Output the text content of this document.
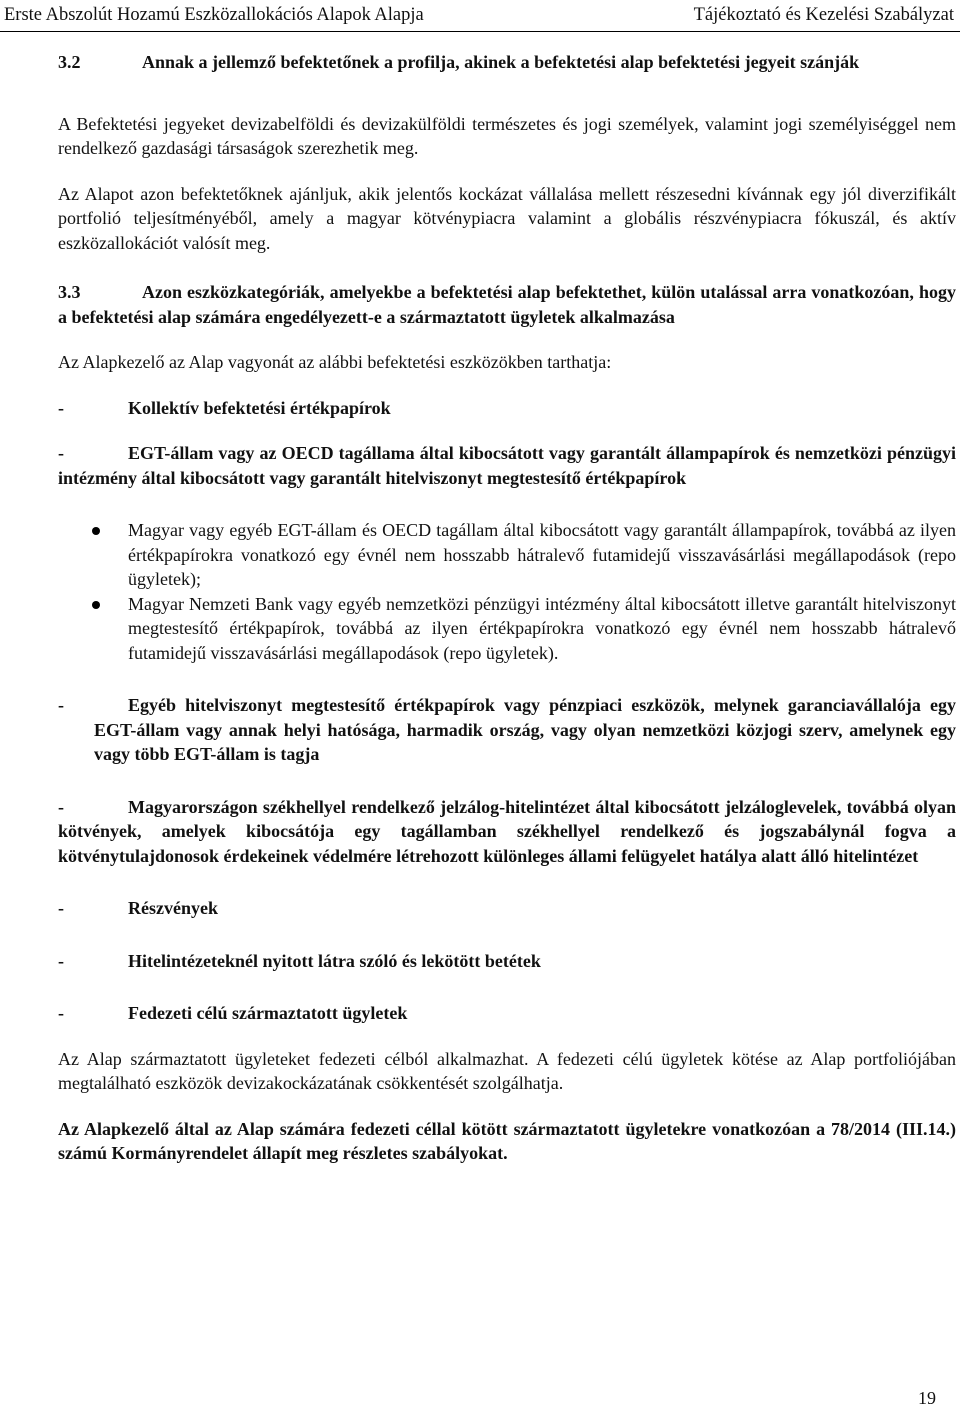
Erste Abszolút Hozamú Eszközallokációs Alapok Alapja	Tájékoztató és Kezelési Szabályzat

3.2	Annak a jellemző befektetőnek a profilja, akinek a befektetési alap befektetési jegyeit szánják

A Befektetési jegyeket devizabelföldi és devizakülföldi természetes és jogi személyek, valamint jogi személyiséggel nem rendelkező gazdasági társaságok szerezhetik meg.

Az Alapot azon befektetőknek ajánljuk, akik jelentős kockázat vállalása mellett részesedni kívánnak egy jól diverzifikált portfolió teljesítményéből, amely a magyar kötvénypiacra valamint a globális részvénypiacra fókuszál, és aktív eszközallokációt valósít meg.

3.3	Azon eszközkategóriák, amelyekbe a befektetési alap befektethet, külön utalással arra vonatkozóan, hogy a befektetési alap számára engedélyezett-e a származtatott ügyletek alkalmazása

Az Alapkezelő az Alap vagyonát az alábbi befektetési eszközökben tarthatja:

-	Kollektív befektetési értékpapírok

-	EGT-állam vagy az OECD tagállama által kibocsátott vagy garantált állampapírok és nemzetközi pénzügyi intézmény által kibocsátott vagy garantált hitelviszonyt megtestesítő értékpapírok

Magyar vagy egyéb EGT-állam és OECD tagállam által kibocsátott vagy garantált állampapírok, továbbá az ilyen értékpapírokra vonatkozó egy évnél nem hosszabb hátralevő futamidejű visszavásárlási megállapodások (repo ügyletek);
Magyar Nemzeti Bank vagy egyéb nemzetközi pénzügyi intézmény által kibocsátott illetve garantált hitelviszonyt megtestesítő értékpapírok, továbbá az ilyen értékpapírokra vonatkozó egy évnél nem hosszabb hátralevő futamidejű visszavásárlási megállapodások (repo ügyletek).

-	Egyéb hitelviszonyt megtestesítő értékpapírok vagy pénzpiaci eszközök, melynek garanciavállalója egy EGT-állam vagy annak helyi hatósága, harmadik ország, vagy olyan nemzetközi közjogi szerv, amelynek egy vagy több EGT-állam is tagja

-	Magyarországon székhellyel rendelkező jelzálog-hitelintézet által kibocsátott jelzáloglevelek, továbbá olyan kötvények, amelyek kibocsátója egy tagállamban székhellyel rendelkező és jogszabálynál fogva a kötvénytulajdonosok érdekeinek védelmére létrehozott különleges állami felügyelet hatálya alatt álló hitelintézet

-	Részvények

-	Hitelintézeteknél nyitott látra szóló és lekötött betétek

-	Fedezeti célú származtatott ügyletek

Az Alap származtatott ügyleteket fedezeti célból alkalmazhat. A fedezeti célú ügyletek kötése az Alap portfoliójában megtalálható eszközök devizakockázatának csökkentését szolgálhatja.

Az Alapkezelő által az Alap számára fedezeti céllal kötött származtatott ügyletekre vonatkozóan a 78/2014 (III.14.) számú Kormányrendelet állapít meg részletes szabályokat.

19
